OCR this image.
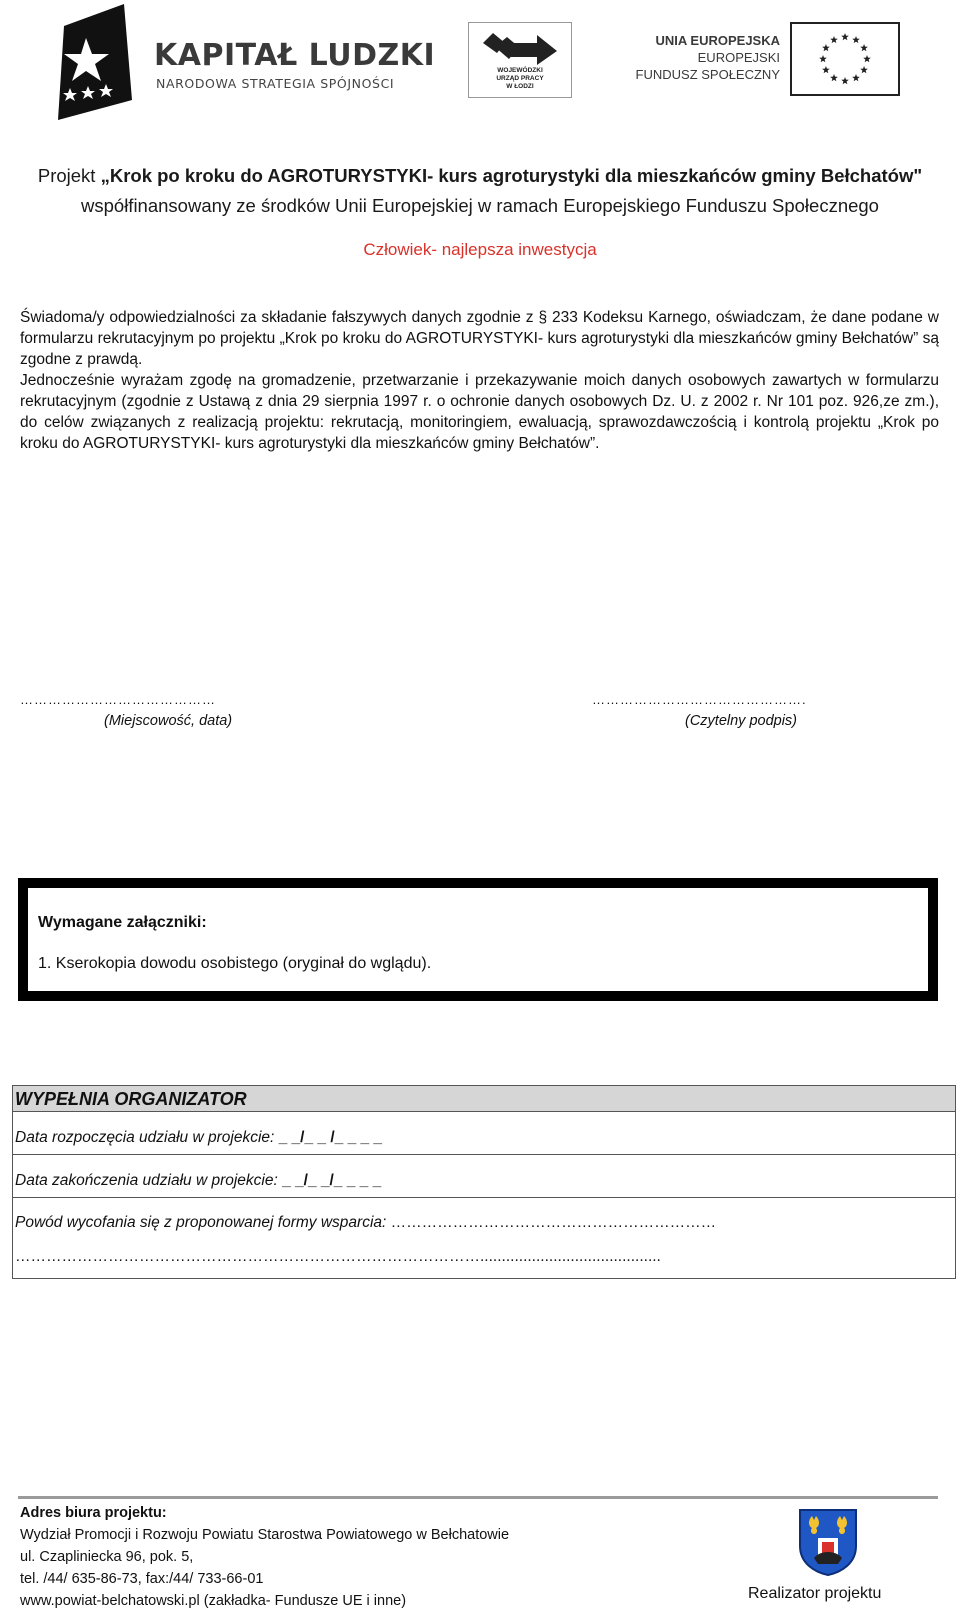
KAPITAŁ LUDZKI
NARODOWA STRATEGIA SPÓJNOŚCI
WOJEWÓDZKI
URZĄD PRACY
W ŁODZI
UNIA EUROPEJSKA
EUROPEJSKI
FUNDUSZ SPOŁECZNY
Projekt „Krok po kroku do AGROTURYSTYKI- kurs agroturystyki dla mieszkańców gminy Bełchatów"
współfinansowany ze środków Unii Europejskiej w ramach Europejskiego Funduszu Społecznego
Człowiek- najlepsza inwestycja

Świadoma/y odpowiedzialności za składanie fałszywych danych zgodnie z § 233 Kodeksu Karnego, oświadczam, że dane podane w formularzu rekrutacyjnym po projektu „Krok po kroku do AGROTURYSTYKI- kurs agroturystyki dla mieszkańców gminy Bełchatów” są zgodne z prawdą.

Jednocześnie wyrażam zgodę na gromadzenie, przetwarzanie i przekazywanie moich danych osobowych zawartych w formularzu rekrutacyjnym (zgodnie z Ustawą z dnia 29 sierpnia 1997 r. o ochronie danych osobowych Dz. U. z 2002 r. Nr 101 poz. 926,ze zm.), do celów związanych z realizacją projektu: rekrutacją, monitoringiem, ewaluacją, sprawozdawczością i kontrolą projektu „Krok po kroku do AGROTURYSTYKI- kurs agroturystyki dla mieszkańców gminy Bełchatów”.

……………………………………
(Miejscowość, data)
……………………………………….
(Czytelny podpis)
Wymagane załączniki:
1. Kserokopia dowodu osobistego (oryginał do wglądu).
WYPEŁNIA ORGANIZATOR
Data rozpoczęcia udziału w projekcie: _ _/_ _ /_ _ _ _
Data zakończenia udziału w projekcie: _ _/_ _/_ _ _ _
Powód wycofania się z proponowanej formy wsparcia: ………………………………………………………
………………………………………………………………………………..........................................
Adres biura projektu:
Wydział Promocji i Rozwoju Powiatu Starostwa Powiatowego w Bełchatowie
ul. Czapliniecka 96, pok. 5,
tel. /44/ 635-86-73, fax:/44/ 733-66-01
www.powiat-belchatowski.pl (zakładka- Fundusze UE i inne)	Realizator projektu
